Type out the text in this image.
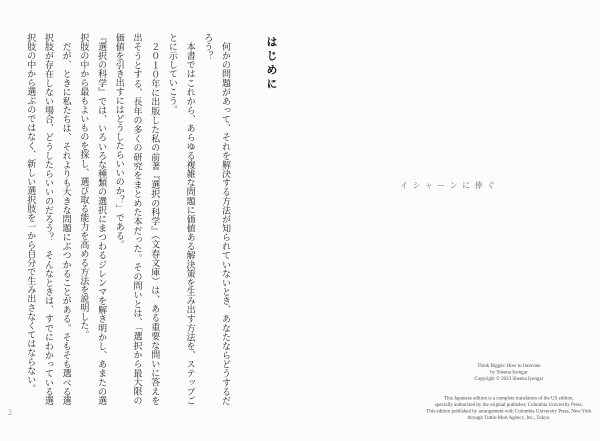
はじめに

　何かの問題があって、それを解決する方法が知られていないとき、あなたならどうするだろう？

　本書ではこれから、あらゆる複雑な問題に価値ある解決策を生み出す方法を、ステップごとに示していこう。

　２０１０年に出版した私の前著『選択の科学』（文春文庫）は、ある重要な問いに答えを出そうとする、長年の多くの研究をまとめた本だった。その問いとは、「選択から最大限の価値を引き出すにはどうしたらいいのか？」である。

『選択の科学』では、いろいろな種類の選択にまつわるジレンマを解き明かし、あまたの選択肢の中から最もよいものを探し、選び取る能力を高める方法を説明した。

　だが、ときに私たちは、それよりも大きな問題にぶつかることがある。そもそも選べる選択肢が存在しない場合、どうしたらいいのだろう？　そんなときは、すでにわかっている選択肢の中から選ぶのではなく、新しい選択肢を一から自分で生み出さなくてはならない。

2
イシャーンに捧ぐ
Think Bigger: How to Innovate
by Sheena Iyengar
Copyright © 2023 Sheena Iyengar
This Japanese edition is a complete translation of the US edition,
specially authorized by the original publisher, Columbia University Press.
This edition published by arrangement with Columbia University Press, New York
through Tuttle-Mori Agency, Inc., Tokyo.
